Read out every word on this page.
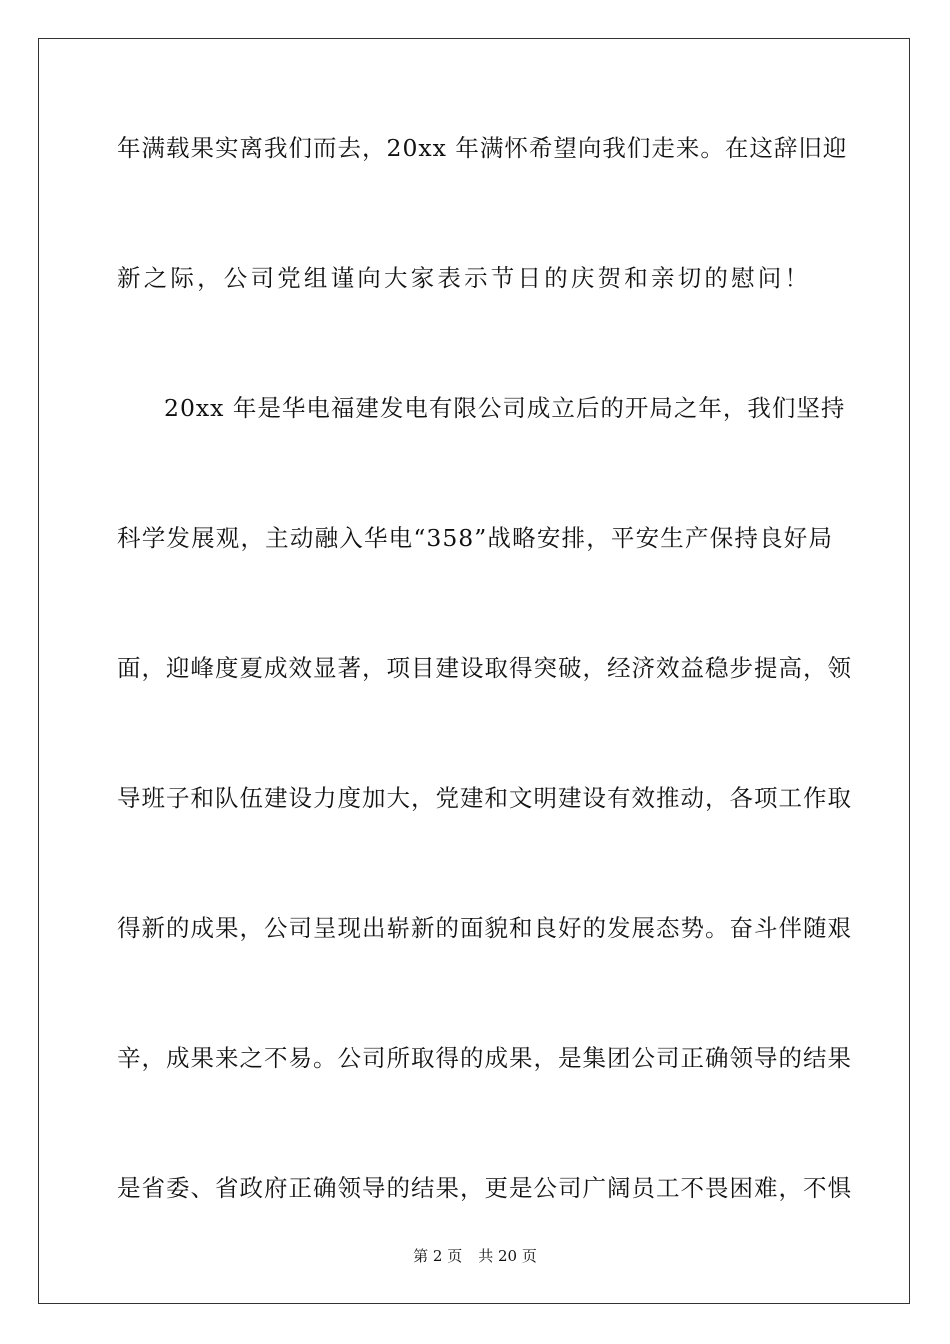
年满载果实离我们而去，20xx 年满怀希望向我们走来。在这辞旧迎
新之际，公司党组谨向大家表示节日的庆贺和亲切的慰问！
20xx 年是华电福建发电有限公司成立后的开局之年，我们坚持
科学发展观，主动融入华电“358”战略安排，平安生产保持良好局
面，迎峰度夏成效显著，项目建设取得突破，经济效益稳步提高，领
导班子和队伍建设力度加大，党建和文明建设有效推动，各项工作取
得新的成果，公司呈现出崭新的面貌和良好的发展态势。奋斗伴随艰
辛，成果来之不易。公司所取得的成果，是集团公司正确领导的结果
是省委、省政府正确领导的结果，更是公司广阔员工不畏困难，不惧
第 2 页 共 20 页
